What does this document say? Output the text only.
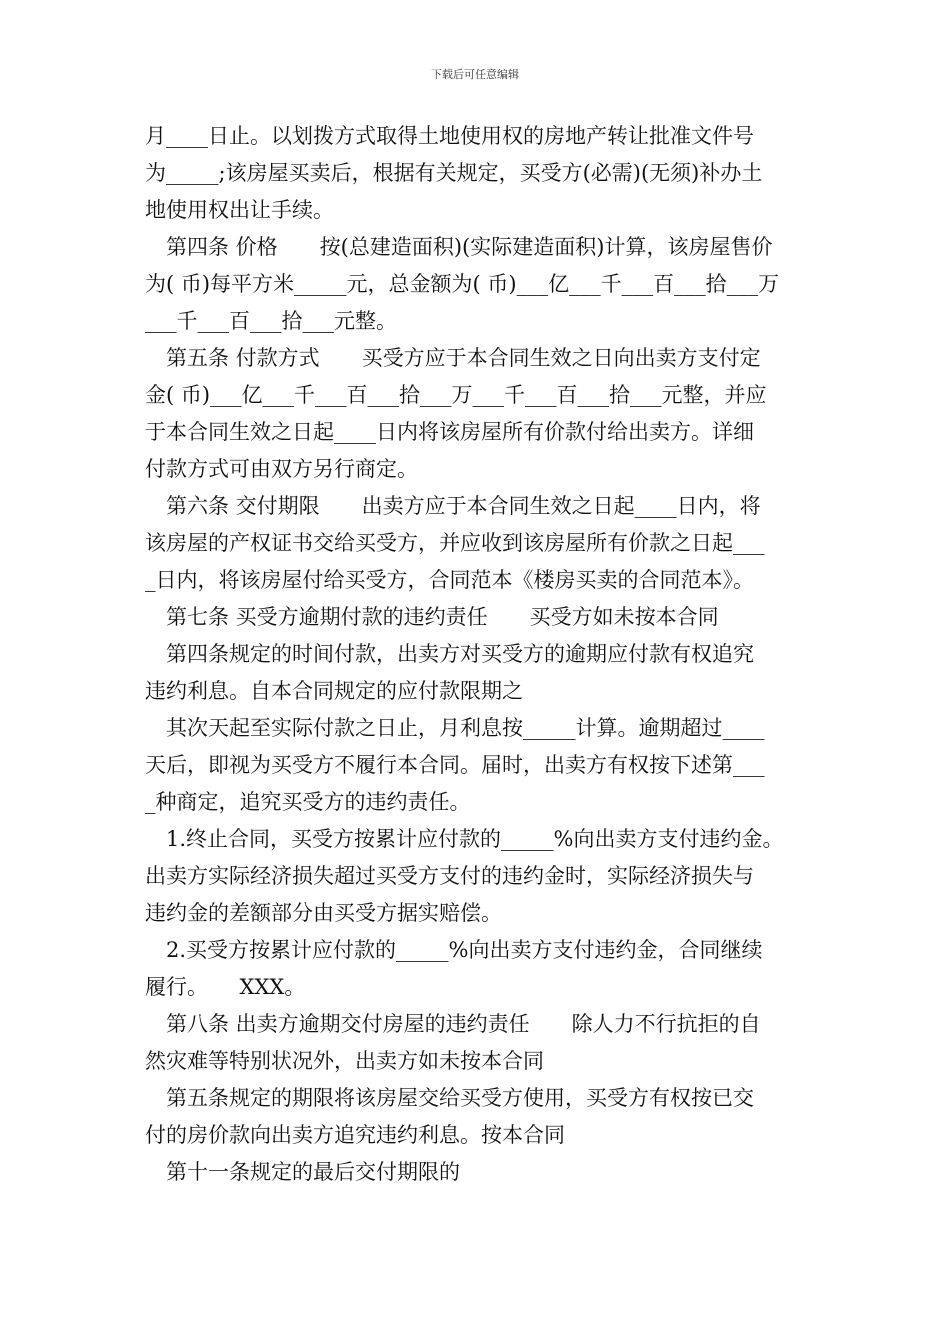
下载后可任意编辑
月____日止。以划拨方式取得土地使用权的房地产转让批准文件号
为_____;该房屋买卖后，根据有关规定，买受方(必需)(无须)补办土
地使用权出让手续。
第四条 价格　　按(总建造面积)(实际建造面积)计算，该房屋售价
为( 币)每平方米_____元，总金额为( 币)___亿___千___百___拾___万
___千___百___拾___元整。
第五条 付款方式　　买受方应于本合同生效之日向出卖方支付定
金( 币)___亿___千___百___拾___万___千___百___拾___元整，并应
于本合同生效之日起____日内将该房屋所有价款付给出卖方。详细
付款方式可由双方另行商定。
第六条 交付期限　　出卖方应于本合同生效之日起____日内，将
该房屋的产权证书交给买受方，并应收到该房屋所有价款之日起___
_日内，将该房屋付给买受方，合同范本《楼房买卖的合同范本》。
第七条 买受方逾期付款的违约责任　　买受方如未按本合同
第四条规定的时间付款，出卖方对买受方的逾期应付款有权追究
违约利息。自本合同规定的应付款限期之
其次天起至实际付款之日止，月利息按_____计算。逾期超过____
天后，即视为买受方不履行本合同。届时，出卖方有权按下述第___
_种商定，追究买受方的违约责任。
1.终止合同，买受方按累计应付款的_____%向出卖方支付违约金。
出卖方实际经济损失超过买受方支付的违约金时，实际经济损失与
违约金的差额部分由买受方据实赔偿。
2.买受方按累计应付款的_____%向出卖方支付违约金，合同继续
履行。　　XXX。
第八条 出卖方逾期交付房屋的违约责任　　除人力不行抗拒的自
然灾难等特别状况外，出卖方如未按本合同
第五条规定的期限将该房屋交给买受方使用，买受方有权按已交
付的房价款向出卖方追究违约利息。按本合同
第十一条规定的最后交付期限的
